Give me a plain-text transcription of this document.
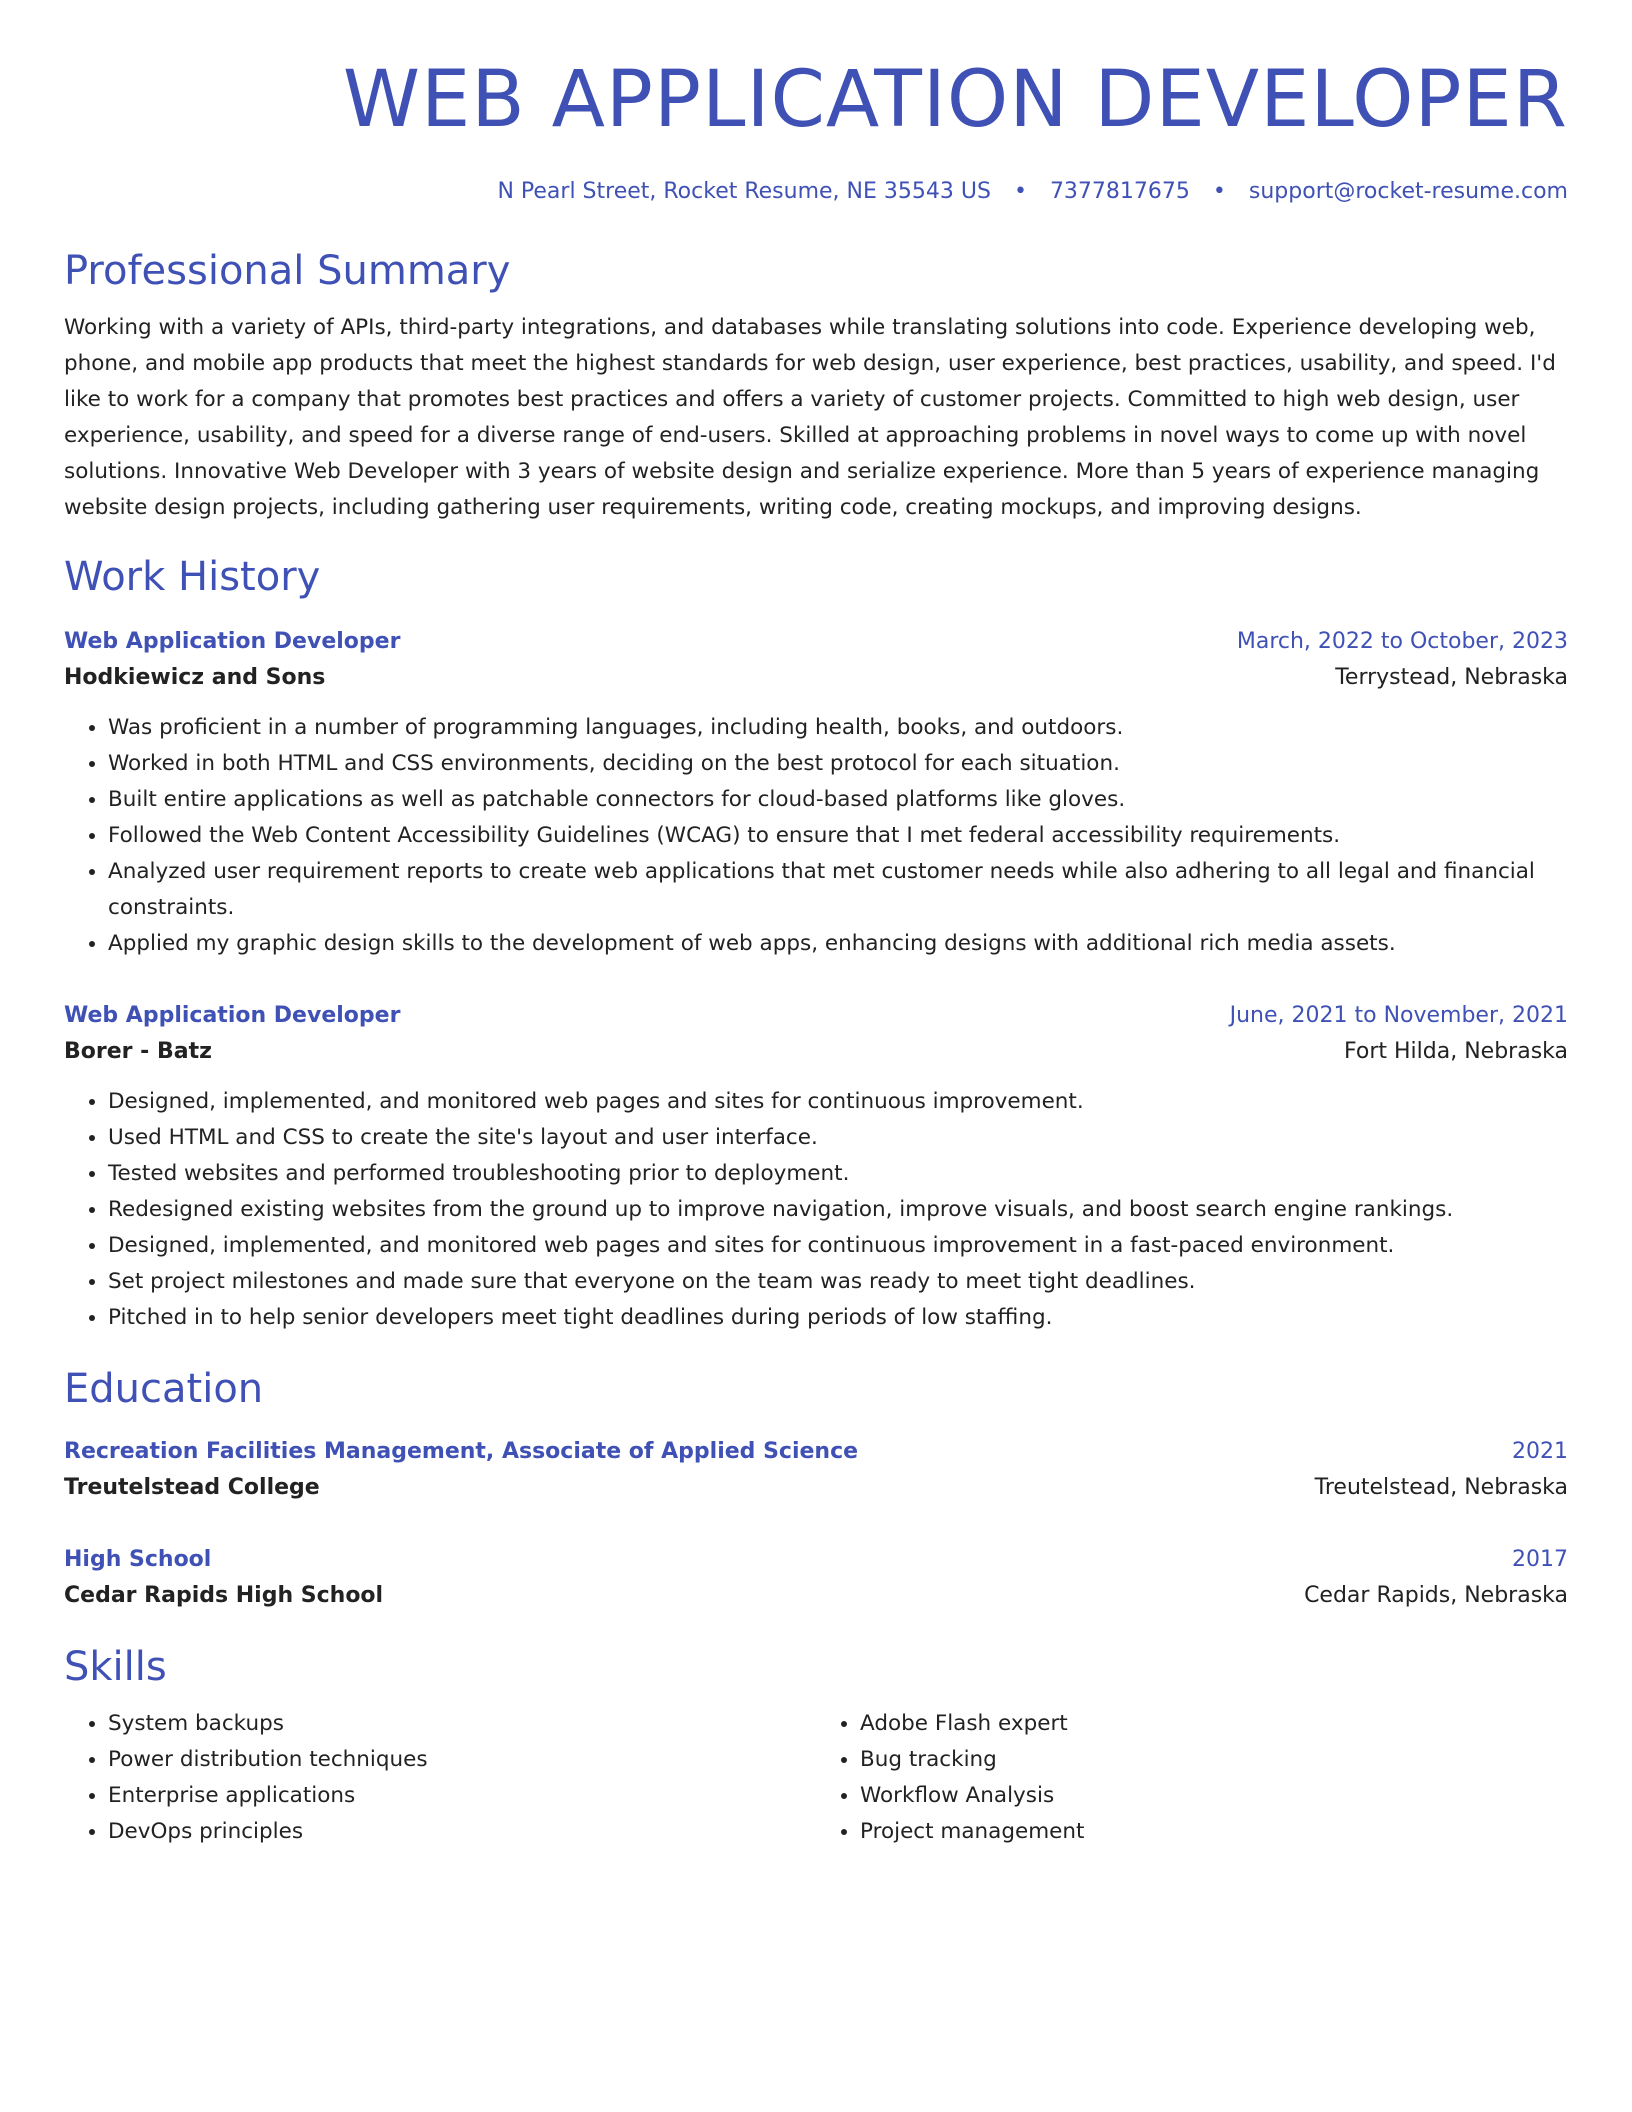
WEB APPLICATION DEVELOPER
N Pearl Street, Rocket Resume, NE 35543 US • 7377817675 • support@rocket-resume.com
Professional Summary
Working with a variety of APIs, third-party integrations, and databases while translating solutions into code. Experience developing web, phone, and mobile app products that meet the highest standards for web design, user experience, best practices, usability, and speed. I'd like to work for a company that promotes best practices and offers a variety of customer projects. Committed to high web design, user experience, usability, and speed for a diverse range of end-users. Skilled at approaching problems in novel ways to come up with novel solutions. Innovative Web Developer with 3 years of website design and serialize experience. More than 5 years of experience managing website design projects, including gathering user requirements, writing code, creating mockups, and improving designs.
Work History
Web Application Developer	March, 2022 to October, 2023
Hodkiewicz and Sons	Terrystead, Nebraska
• Was proficient in a number of programming languages, including health, books, and outdoors.
• Worked in both HTML and CSS environments, deciding on the best protocol for each situation.
• Built entire applications as well as patchable connectors for cloud-based platforms like gloves.
• Followed the Web Content Accessibility Guidelines (WCAG) to ensure that I met federal accessibility requirements.
• Analyzed user requirement reports to create web applications that met customer needs while also adhering to all legal and financial constraints.
• Applied my graphic design skills to the development of web apps, enhancing designs with additional rich media assets.
Web Application Developer	June, 2021 to November, 2021
Borer - Batz	Fort Hilda, Nebraska
• Designed, implemented, and monitored web pages and sites for continuous improvement.
• Used HTML and CSS to create the site's layout and user interface.
• Tested websites and performed troubleshooting prior to deployment.
• Redesigned existing websites from the ground up to improve navigation, improve visuals, and boost search engine rankings.
• Designed, implemented, and monitored web pages and sites for continuous improvement in a fast-paced environment.
• Set project milestones and made sure that everyone on the team was ready to meet tight deadlines.
• Pitched in to help senior developers meet tight deadlines during periods of low staffing.
Education
Recreation Facilities Management, Associate of Applied Science	2021
Treutelstead College	Treutelstead, Nebraska
High School	2017
Cedar Rapids High School	Cedar Rapids, Nebraska
Skills
• System backups
• Power distribution techniques
• Enterprise applications
• DevOps principles
• Adobe Flash expert
• Bug tracking
• Workflow Analysis
• Project management
